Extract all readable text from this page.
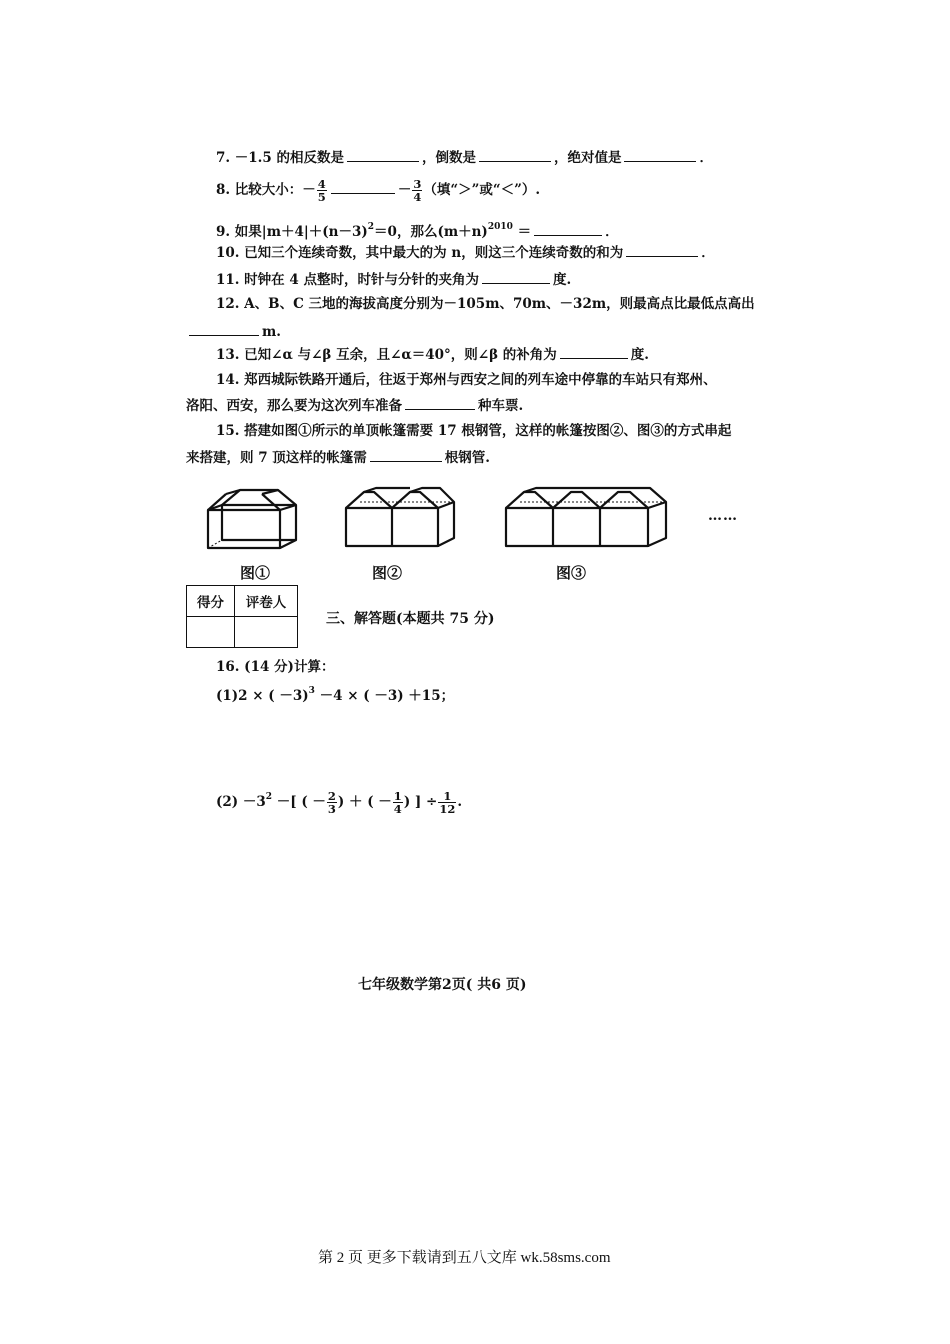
7. －1.5 的相反数是	，倒数是	，绝对值是	．
8. 比较大小：－ $\frac{4}{5}$	－ $\frac{3}{4}$ （填“＞”或“＜”）.
9. 如果$|m+4|+(n-3)^2=0$，那么$(m+n)^{2010}$ ＝	．
10. 已知三个连续奇数，其中最大的为 n，则这三个连续奇数的和为	．
11. 时钟在 4 点整时，时针与分针的夹角为	度.
12. A、B、C 三地的海拔高度分别为－105m、70m、－32m，则最高点比最低点高出
m.
13. 已知∠α 与∠β 互余，且∠α＝40°，则∠β 的补角为	度.
14. 郑西城际铁路开通后，往返于郑州与西安之间的列车途中停靠的车站只有郑州、
洛阳、西安，那么要为这次列车准备	种车票.
15. 搭建如图①所示的单顶帐篷需要 17 根钢管，这样的帐篷按图②、图③的方式串起
来搭建，则 7 顶这样的帐篷需	根钢管.
……
图①	图②	图③
得分	评卷人

三、解答题(本题共 75 分)
16. (14 分)计算：
(1)2 × ( －3)$^3$ －4 × ( －3) ＋15；
$(2) -3^2$ －[ ( － $\frac{2}{3}$ ) ＋ ( － $\frac{1}{4}$ ) ] ÷ $\frac{1}{12}$ .
七年级数学第2页( 共6 页)
第 2 页 更多下载请到五八文库 wk.58sms.com
